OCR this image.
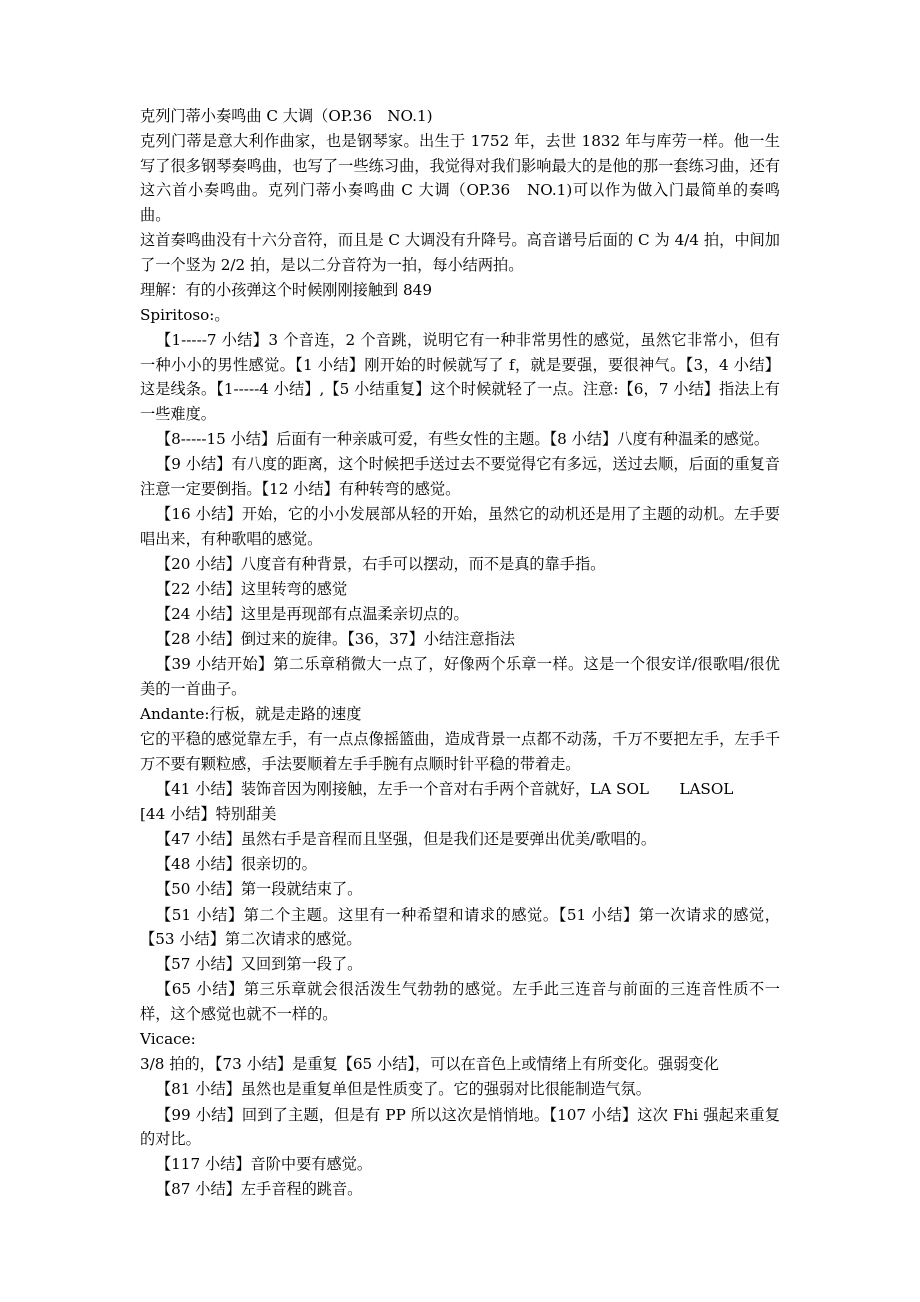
克列门蒂小奏鸣曲 C 大调（OP.36　NO.1)

克列门蒂是意大利作曲家，也是钢琴家。出生于 1752 年，去世 1832 年与库劳一样。他一生写了很多钢琴奏鸣曲，也写了一些练习曲，我觉得对我们影响最大的是他的那一套练习曲，还有这六首小奏鸣曲。克列门蒂小奏鸣曲 C 大调（OP.36　NO.1)可以作为做入门最简单的奏鸣曲。

这首奏鸣曲没有十六分音符，而且是 C 大调没有升降号。高音谱号后面的 C 为 4/4 拍，中间加了一个竖为 2/2 拍，是以二分音符为一拍，每小结两拍。

理解：有的小孩弹这个时候刚刚接触到 849

Spiritoso:。

【1-----7 小结】3 个音连，2 个音跳，说明它有一种非常男性的感觉，虽然它非常小，但有一种小小的男性感觉。【1 小结】刚开始的时候就写了 f，就是要强，要很神气。【3，4 小结】这是线条。【1-----4 小结】,【5 小结重复】这个时候就轻了一点。注意:【6，7 小结】指法上有一些难度。

【8-----15 小结】后面有一种亲戚可爱，有些女性的主题。【8 小结】八度有种温柔的感觉。

【9 小结】有八度的距离，这个时候把手送过去不要觉得它有多远，送过去顺，后面的重复音注意一定要倒指。【12 小结】有种转弯的感觉。

【16 小结】开始，它的小小发展部从轻的开始，虽然它的动机还是用了主题的动机。左手要唱出来，有种歌唱的感觉。

【20 小结】八度音有种背景，右手可以摆动，而不是真的靠手指。

【22 小结】这里转弯的感觉

【24 小结】这里是再现部有点温柔亲切点的。

【28 小结】倒过来的旋律。【36，37】小结注意指法

【39 小结开始】第二乐章稍微大一点了，好像两个乐章一样。这是一个很安详/很歌唱/很优美的一首曲子。

Andante:行板，就是走路的速度

它的平稳的感觉靠左手，有一点点像摇篮曲，造成背景一点都不动荡，千万不要把左手，左手千万不要有颗粒感，手法要顺着左手手腕有点顺时针平稳的带着走。

【41 小结】装饰音因为刚接触，左手一个音对右手两个音就好，LA SOL　　LASOL

[44 小结】特别甜美

【47 小结】虽然右手是音程而且坚强，但是我们还是要弹出优美/歌唱的。

【48 小结】很亲切的。

【50 小结】第一段就结束了。

【51 小结】第二个主题。这里有一种希望和请求的感觉。【51 小结】第一次请求的感觉，【53 小结】第二次请求的感觉。

【57 小结】又回到第一段了。

【65 小结】第三乐章就会很活泼生气勃勃的感觉。左手此三连音与前面的三连音性质不一样，这个感觉也就不一样的。

Vicace:

3/8 拍的，【73 小结】是重复【65 小结】，可以在音色上或情绪上有所变化。强弱变化

【81 小结】虽然也是重复单但是性质变了。它的强弱对比很能制造气氛。

【99 小结】回到了主题，但是有 PP 所以这次是悄悄地。【107 小结】这次 Fhi 强起来重复的对比。

【117 小结】音阶中要有感觉。

【87 小结】左手音程的跳音。
